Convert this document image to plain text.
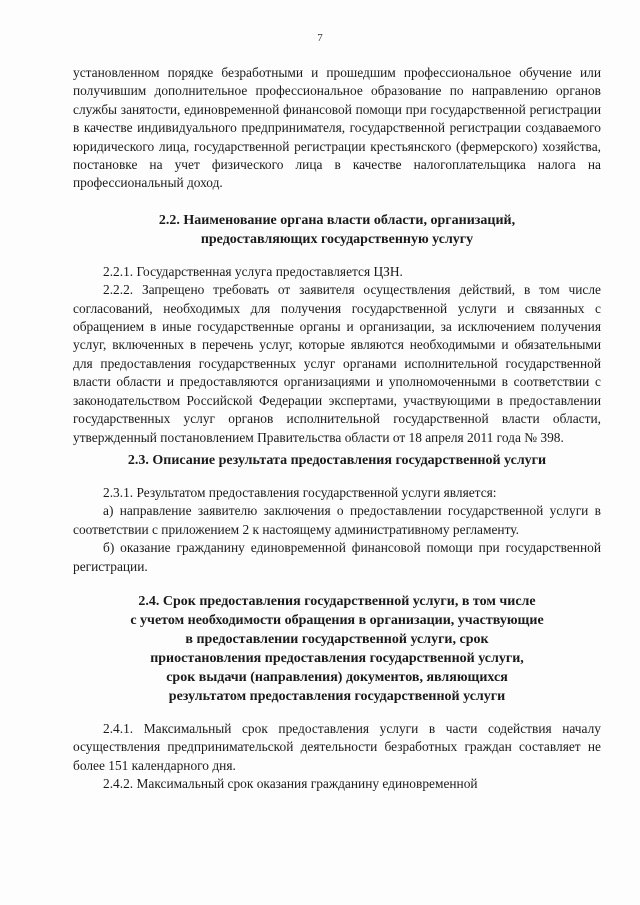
7

установленном порядке безработными и прошедшим профессиональное обучение или получившим дополнительное профессиональное образование по направлению органов службы занятости, единовременной финансовой помощи при государственной регистрации в качестве индивидуального предпринимателя, государственной регистрации создаваемого юридического лица, государственной регистрации крестьянского (фермерского) хозяйства, постановке на учет физического лица в качестве налогоплательщика налога на профессиональный доход.

2.2. Наименование органа власти области, организаций,
предоставляющих государственную услугу

2.2.1. Государственная услуга предоставляется ЦЗН.

2.2.2. Запрещено требовать от заявителя осуществления действий, в том числе согласований, необходимых для получения государственной услуги и связанных с обращением в иные государственные органы и организации, за исключением получения услуг, включенных в перечень услуг, которые являются необходимыми и обязательными для предоставления государственных услуг органами исполнительной государственной власти области и предоставляются организациями и уполномоченными в соответствии с законодательством Российской Федерации экспертами, участвующими в предоставлении государственных услуг органов исполнительной государственной власти области, утвержденный постановлением Правительства области от 18 апреля 2011 года № 398.

2.3. Описание результата предоставления государственной услуги

2.3.1. Результатом предоставления государственной услуги является:

а) направление заявителю заключения о предоставлении государственной услуги в соответствии с приложением 2 к настоящему административному регламенту.

б) оказание гражданину единовременной финансовой помощи при государственной регистрации.

2.4. Срок предоставления государственной услуги, в том числе
с учетом необходимости обращения в организации, участвующие
в предоставлении государственной услуги, срок
приостановления предоставления государственной услуги,
срок выдачи (направления) документов, являющихся
результатом предоставления государственной услуги

2.4.1. Максимальный срок предоставления услуги в части содействия началу осуществления предпринимательской деятельности безработных граждан составляет не более 151 календарного дня.

2.4.2. Максимальный срок оказания гражданину единовременной
